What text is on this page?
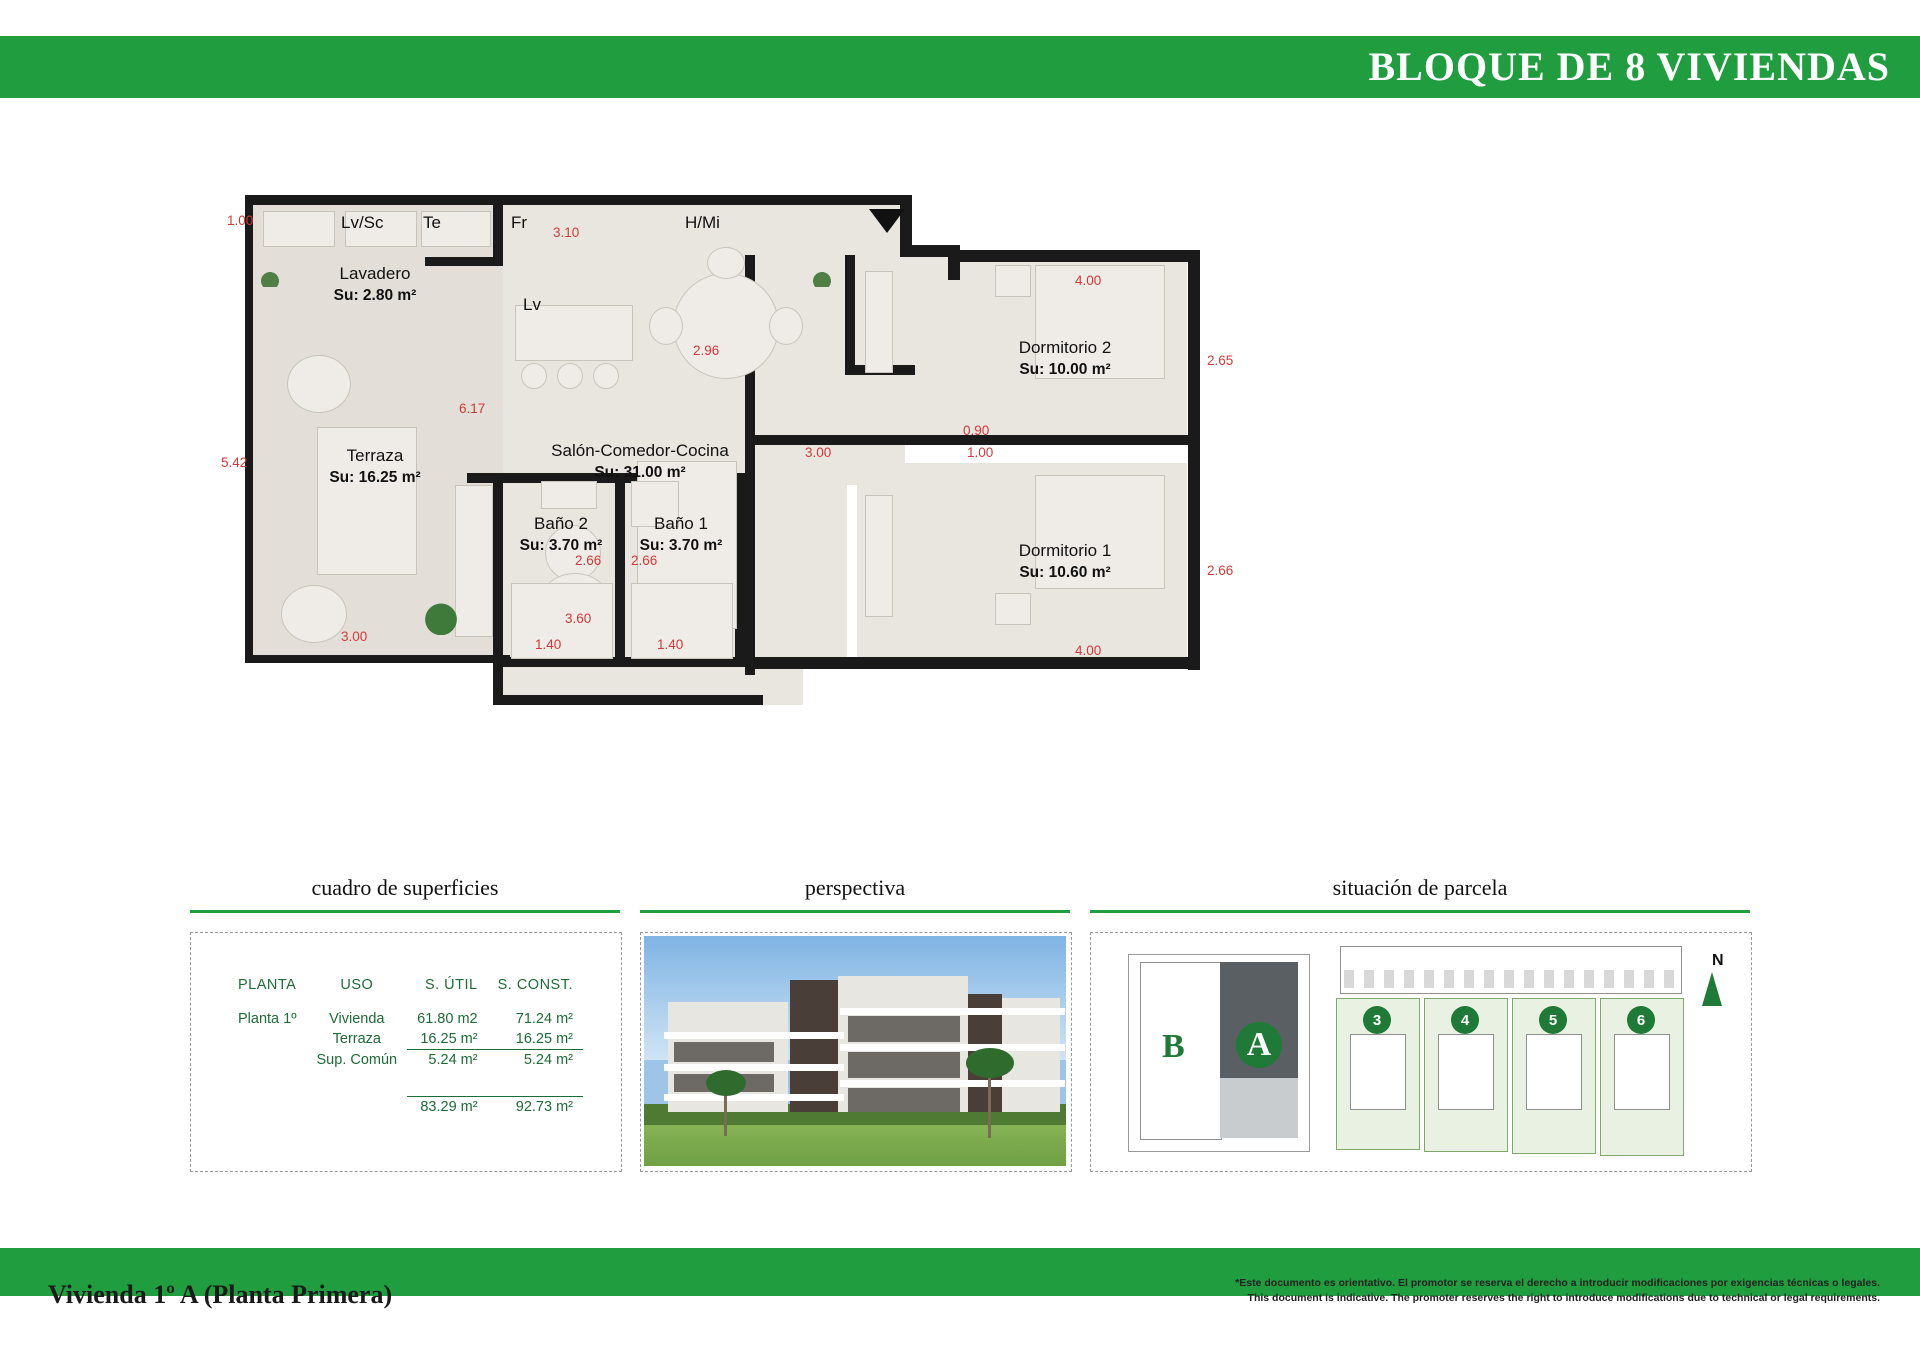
BLOQUE DE 8 VIVIENDAS
Lavadero
Su: 2.80 m²
Terraza
Su: 16.25 m²
Salón-Comedor-Cocina
Su: 31.00 m²
Baño 2
Su: 3.70 m²
Baño 1
Su: 3.70 m²
Dormitorio 2
Su: 10.00 m²
Dormitorio 1
Su: 10.60 m²
Lv/Sc Te	Fr	H/Mi
Lv
1.00
5.42
3.00
3.10
6.17
2.96
3.60
3.00
1.40	1.40
2.66 2.66
0.90
1.00
4.00
2.65
4.00
2.66
cuadro de superficies	perspectiva	situación de parcela
PLANTA	USO	S. ÚTIL	S. CONST.

Planta 1º	Vivienda	61.80 m2	71.24 m²
	Terraza	16.25 m²	16.25 m²
	Sup. Común	5.24 m²	5.24 m²

		83.29 m²	92.73 m²
B A
3	4	5	6
N
Vivienda 1º A (Planta Primera)	*Este documento es orientativo. El promotor se reserva el derecho a introducir modificaciones por exigencias técnicas o legales.
This document is indicative. The promoter reserves the right to introduce modifications due to technical or legal requirements.
